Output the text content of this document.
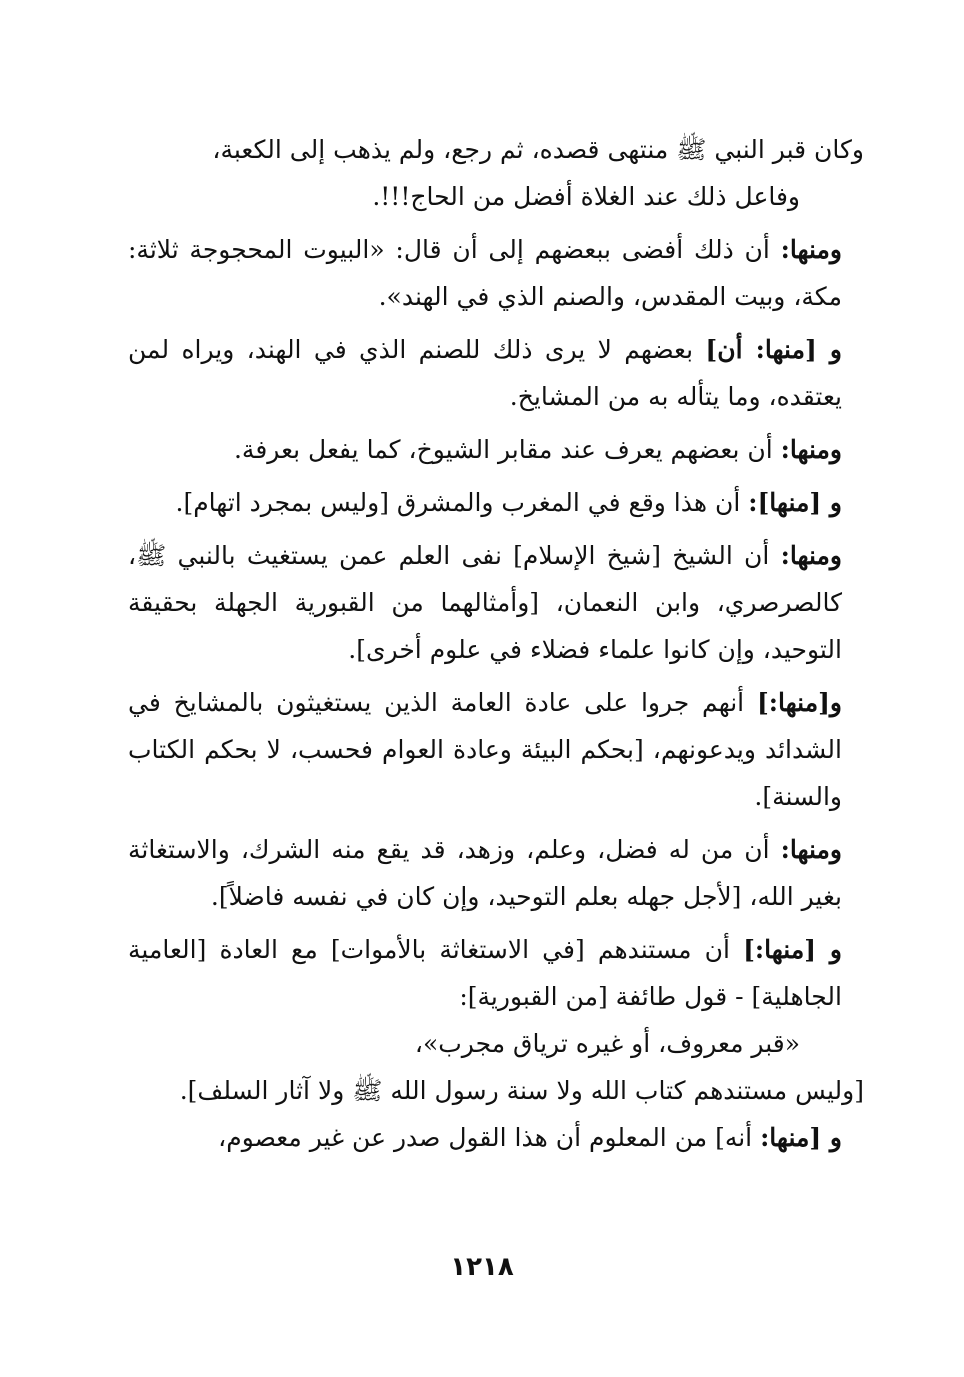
وكان قبر النبي ﷺ منتهى قصده، ثم رجع، ولم يذهب إلى الكعبة،

وفاعل ذلك عند الغلاة أفضل من الحاج!!!.

ومنها: أن ذلك أفضى ببعضهم إلى أن قال: «البيوت المحجوجة ثلاثة: مكة، وبيت المقدس، والصنم الذي في الهند».

و [منها: أن] بعضهم لا يرى ذلك للصنم الذي في الهند، ويراه لمن يعتقده، وما يتأله به من المشايخ.

ومنها: أن بعضهم يعرف عند مقابر الشيوخ، كما يفعل بعرفة.

و [منها]: أن هذا وقع في المغرب والمشرق [وليس بمجرد اتهام].

ومنها: أن الشيخ [شيخ الإسلام] نفى العلم عمن يستغيث بالنبي ﷺ، كالصرصري، وابن النعمان، [وأمثالهما من القبورية الجهلة بحقيقة التوحيد، وإن كانوا علماء فضلاء في علوم أخرى].

و[منها:] أنهم جروا على عادة العامة الذين يستغيثون بالمشايخ في الشدائد ويدعونهم، [بحكم البيئة وعادة العوام فحسب، لا بحكم الكتاب والسنة].

ومنها: أن من له فضل، وعلم، وزهد، قد يقع منه الشرك، والاستغاثة بغير الله، [لأجل جهله بعلم التوحيد، وإن كان في نفسه فاضلاً].

و [منها:] أن مستندهم [في الاستغاثة بالأموات] مع العادة [العامية الجاهلية] - قول طائفة [من القبورية]:

«قبر معروف، أو غيره ترياق مجرب»،

[وليس مستندهم كتاب الله ولا سنة رسول الله ﷺ ولا آثار السلف].

و [منها: أنه] من المعلوم أن هذا القول صدر عن غير معصوم،

١٢١٨
